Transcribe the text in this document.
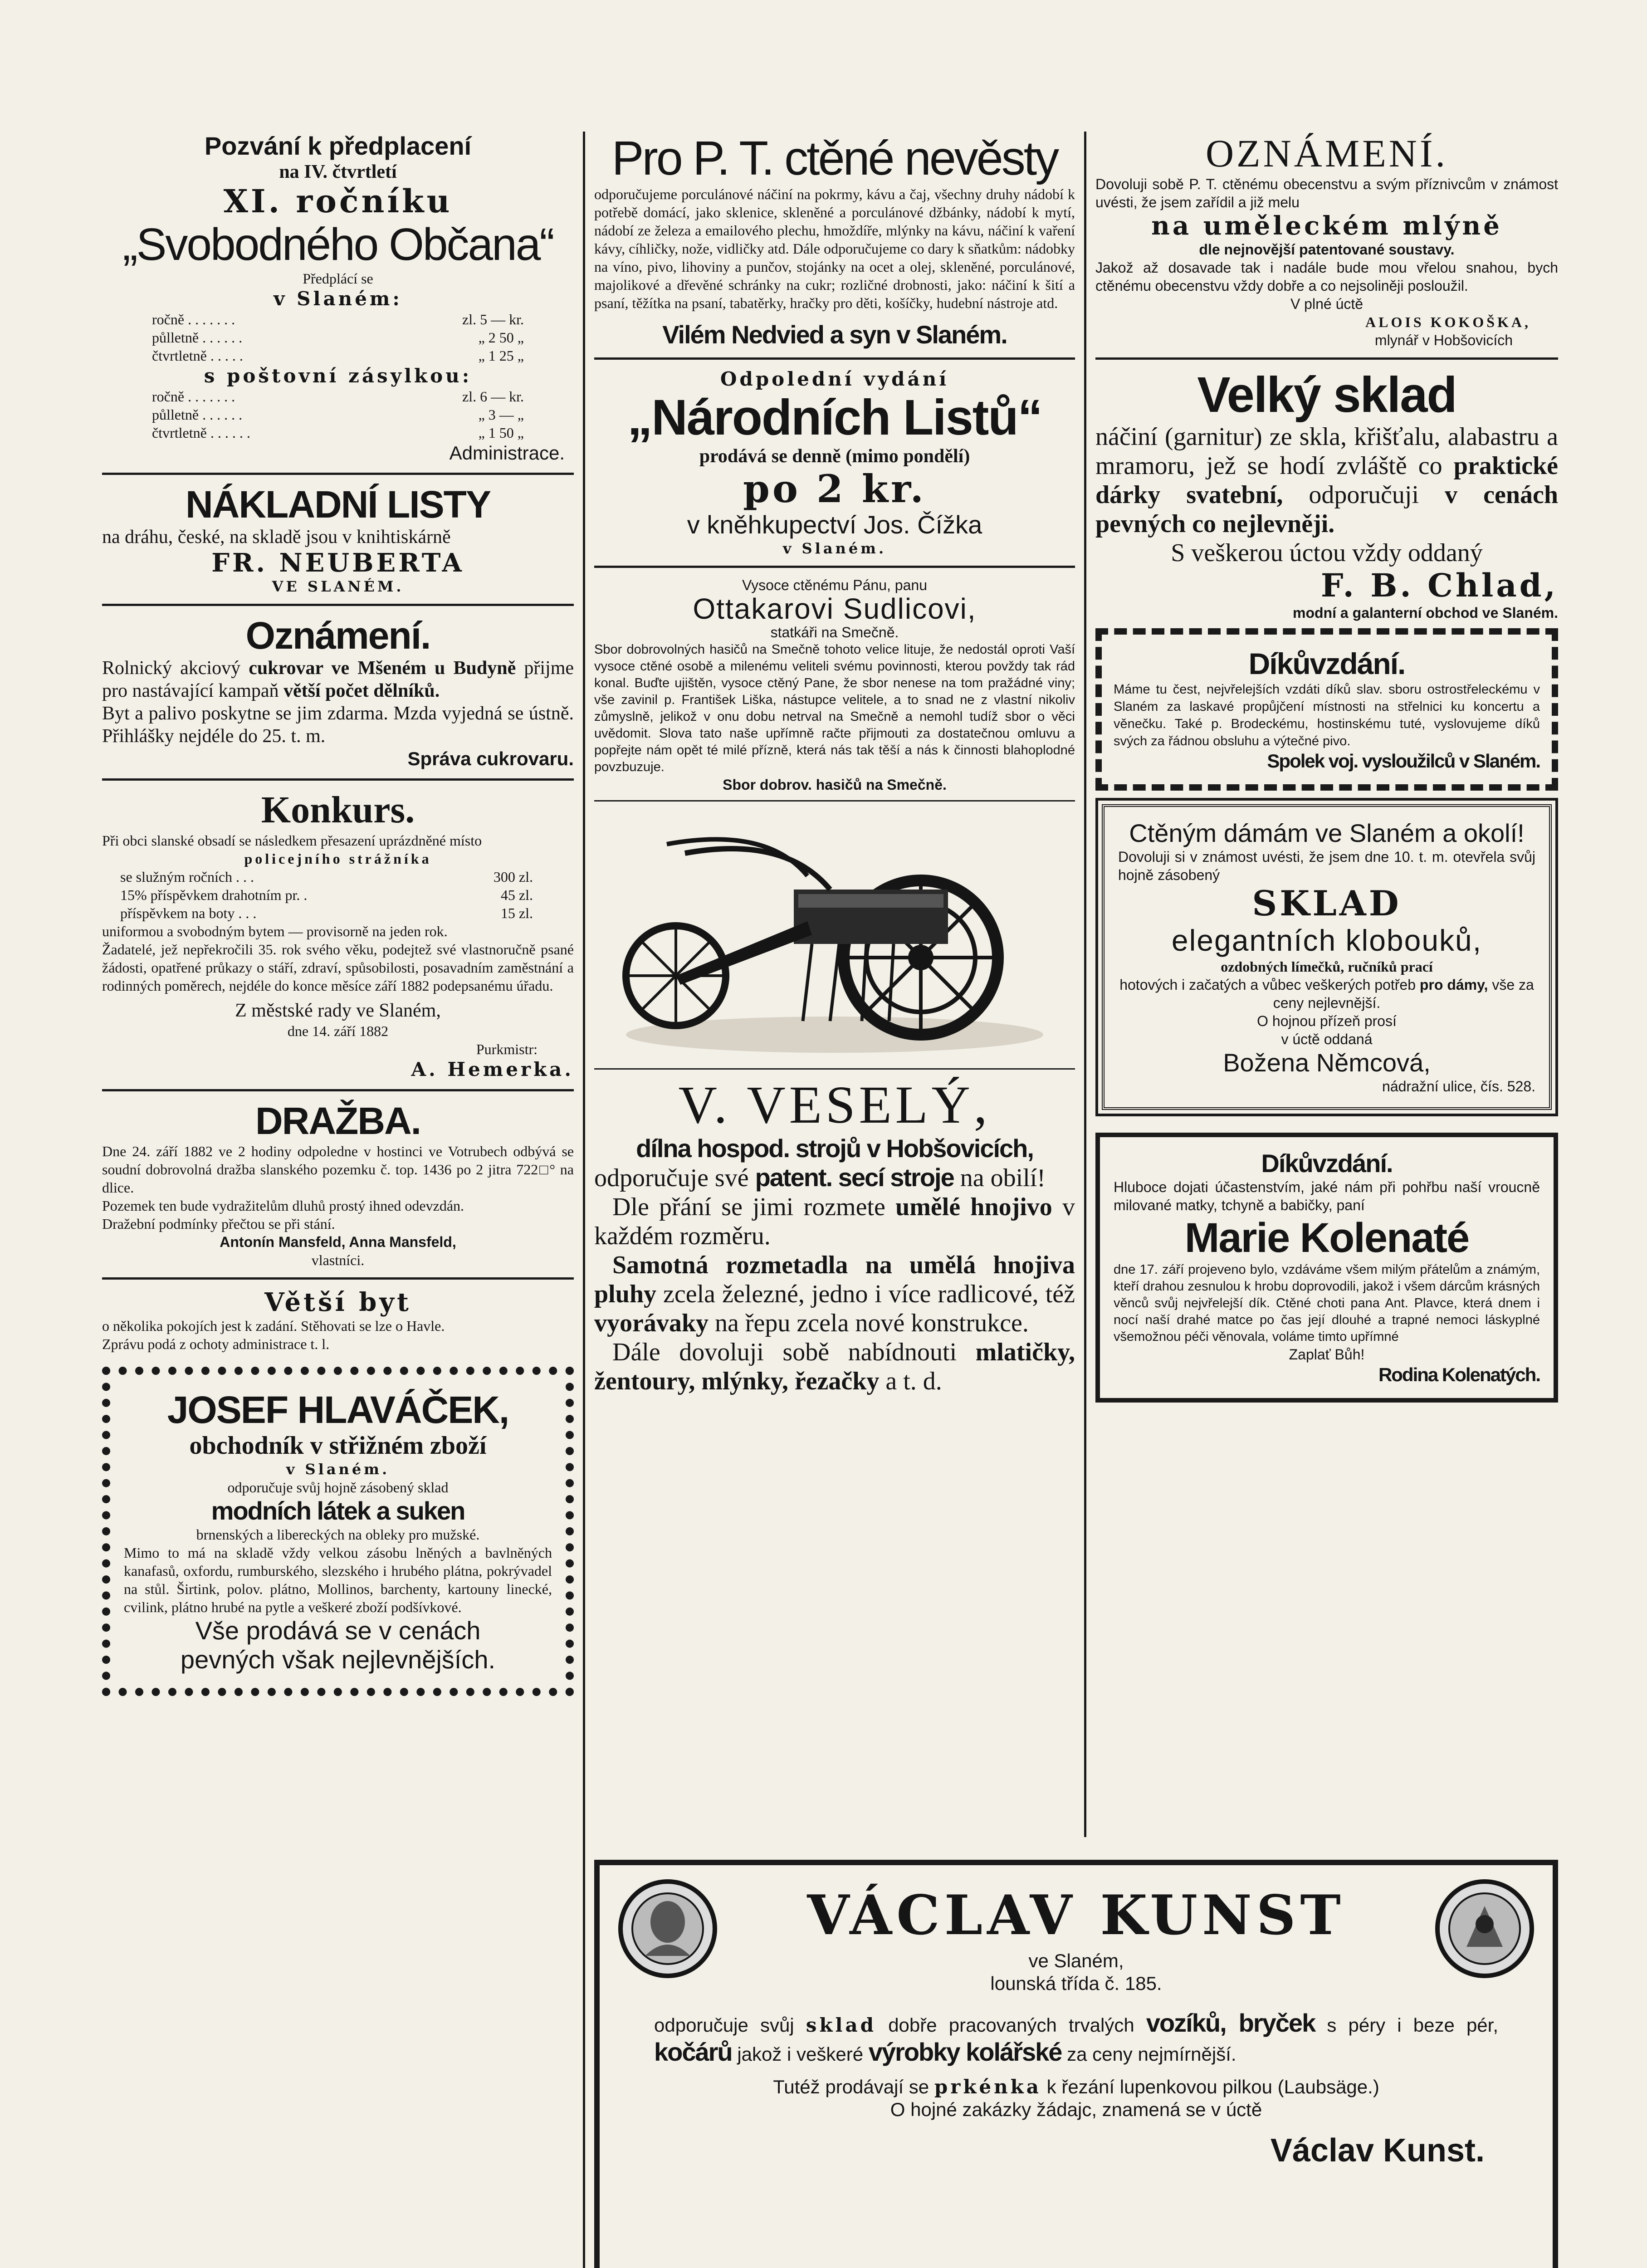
Pozvání k předplacení
na IV. čtvrtletí
XI. ročníku
„Svobodného Občana“
Předplácí se
v Slaném:
ročně . . . . . . .	zl. 5 — kr.
půlletně . . . . . .	„ 2 50 „
čtvrtletně . . . . .	„ 1 25 „
s poštovní zásylkou:
ročně . . . . . . .	zl. 6 — kr.
půlletně . . . . . .	„ 3 — „
čtvrtletně . . . . . .	„ 1 50 „
Administrace.
NÁKLADNÍ LISTY
na dráhu, české, na skladě jsou v knihtiskárně
FR. NEUBERTA
VE SLANÉM.
Oznámení.
Rolnický akciový cukrovar ve Mšeném u Budyně přijme pro nastávající kampaň větší počet dělníků.
Byt a palivo poskytne se jim zdarma. Mzda vyjedná se ústně. Přihlášky nejdéle do 25. t. m.
Správa cukrovaru.
Konkurs.
Při obci slanské obsadí se následkem přesazení uprázdněné místo
policejního strážníka
se služným ročních . . .	300 zl.
15% příspěvkem drahotním pr. .	45 zl.
příspěvkem na boty . . .	15 zl.
uniformou a svobodným bytem — provisorně na jeden rok.
Žadatelé, jež nepřekročili 35. rok svého věku, podejtež své vlastnoručně psané žádosti, opatřené průkazy o stáří, zdraví, spůsobilosti, posavadním zaměstnání a rodinných poměrech, nejdéle do konce měsíce září 1882 podepsanému úřadu.
Z městské rady ve Slaném,
dne 14. září 1882
Purkmistr:
A. Hemerka.
DRAŽBA.
Dne 24. září 1882 ve 2 hodiny odpoledne v hostinci ve Votrubech odbývá se soudní dobrovolná dražba slanského pozemku č. top. 1436 po 2 jitra 722□° na dlice.
Pozemek ten bude vydražitelům dluhů prostý ihned odevzdán.
Dražební podmínky přečtou se při stání.
Antonín Mansfeld, Anna Mansfeld,
vlastníci.
Větší byt
o několika pokojích jest k zadání. Stěhovati se lze o Havle.
Zprávu podá z ochoty administrace t. l.
JOSEF HLAVÁČEK,
obchodník v střižném zboží
v Slaném.
odporučuje svůj hojně zásobený sklad
modních látek a suken
brnenských a libereckých na obleky pro mužské.
Mimo to má na skladě vždy velkou zásobu lněných a bavlněných kanafasů, oxfordu, rumburského, slezského i hrubého plátna, pokrývadel na stůl. Širtink, polov. plátno, Mollinos, barchenty, kartouny linecké, cvilink, plátno hrubé na pytle a veškeré zboží podšívkové.
Vše prodává se v cenách
pevných však nejlevnějších.
Pro P. T. ctěné nevěsty
odporučujeme porculánové náčiní na pokrmy, kávu a čaj, všechny druhy nádobí k potřebě domácí, jako sklenice, skleněné a porculánové džbánky, nádobí k mytí, nádobí ze železa a emailového plechu, hmoždíře, mlýnky na kávu, náčiní k vaření kávy, cíhličky, nože, vidličky atd. Dále odporučujeme co dary k sňatkům: nádobky na víno, pivo, lihoviny a punčov, stojánky na ocet a olej, skleněné, porculánové, majolikové a dřevěné schránky na cukr; rozličné drobnosti, jako: náčiní k šití a psaní, těžítka na psaní, tabatěrky, hračky pro děti, košíčky, hudební nástroje atd.
Vilém Nedvied a syn v Slaném.
Odpolední vydání
„Národních Listů“
prodává se denně (mimo pondělí)
po 2 kr.
v kněhkupectví Jos. Čížka
v Slaném.
Vysoce ctěnému Pánu, panu
Ottakarovi Sudlicovi,
statkáři na Smečně.
Sbor dobrovolných hasičů na Smečně tohoto velice lituje, že nedostál oproti Vaší vysoce ctěné osobě a milenému veliteli svému povinnosti, kterou povždy tak rád konal. Buďte ujištěn, vysoce ctěný Pane, že sbor nenese na tom pražádné viny; vše zavinil p. František Liška, nástupce velitele, a to snad ne z vlastní nikoliv zůmyslně, jelikož v onu dobu netrval na Smečně a nemohl tudíž sbor o věci uvědomit. Slova tato naše upřímně račte přijmouti za dostatečnou omluvu a popřejte nám opět té milé přízně, která nás tak těší a nás k činnosti blahoplodné povzbuzuje.
Sbor dobrov. hasičů na Smečně.
V. VESELÝ,
dílna hospod. strojů v Hobšovicích,
odporučuje své patent. secí stroje na obilí!
Dle přání se jimi rozmete umělé hnojivo v každém rozměru.
Samotná rozmetadla na umělá hnojiva pluhy zcela železné, jedno i více radlicové, též vyorávaky na řepu zcela nové konstrukce.
Dále dovoluji sobě nabídnouti mlatičky, žentoury, mlýnky, řezačky a t. d.
OZNÁMENÍ.
Dovoluji sobě P. T. ctěnému obecenstvu a svým příznivcům v známost uvésti, že jsem zařídil a již melu
na uměleckém mlýně
dle nejnovější patentované soustavy.
Jakož až dosavade tak i nadále bude mou vřelou snahou, bych ctěnému obecenstvu vždy dobře a co nejsoliněji posloužil.
V plné úctě
ALOIS KOKOŠKA,
mlynář v Hobšovicích
Velký sklad
náčiní (garnitur) ze skla, křišťalu, alabastru a mramoru, jež se hodí zvláště co praktické dárky svatební, odporučuji v cenách pevných co nejlevněji.
S veškerou úctou vždy oddaný
F. B. Chlad,
modní a galanterní obchod ve Slaném.
Díkůvzdání.
Máme tu čest, nejvřelejších vzdáti díků slav. sboru ostrostřeleckému v Slaném za laskavé propůjčení místnosti na střelnici ku koncertu a věnečku. Také p. Brodeckému, hostinskému tuté, vyslovujeme díků svých za řádnou obsluhu a výtečné pivo.
Spolek voj. vysloužilců v Slaném.
Ctěným dámám ve Slaném a okolí!
Dovoluji si v známost uvésti, že jsem dne 10. t. m. otevřela svůj hojně zásobený
SKLAD
elegantních klobouků,
ozdobných límečků, ručníků prací
hotových i začatých a vůbec veškerých potřeb pro dámy, vše za ceny nejlevnější.
O hojnou přízeň prosí
v úctě oddaná
Božena Němcová,
nádražní ulice, čís. 528.
Díkůvzdání.
Hluboce dojati účastenstvím, jaké nám při pohřbu naší vroucně milované matky, tchyně a babičky, paní
Marie Kolenaté
dne 17. září projeveno bylo, vzdáváme všem milým přátelům a známým, kteří drahou zesnulou k hrobu doprovodili, jakož i všem dárcům krásných věnců svůj nejvřelejší dík. Ctěné choti pana Ant. Plavce, která dnem i nocí naší drahé matce po čas její dlouhé a trapné nemoci láskyplné všemožnou péči věnovala, voláme timto upřímné
Zaplať Bůh!
Rodina Kolenatých.
VÁCLAV KUNST
ve Slaném,
lounská třída č. 185.
odporučuje svůj sklad dobře pracovaných trvalých vozíků, bryček s péry i beze pér, kočárů jakož i veškeré výrobky kolářské za ceny nejmírnější.
Tutéž prodávají se prkénka k řezání lupenkovou pilkou (Laubsäge.)
O hojné zakázky žádajc, znamená se v úctě
Václav Kunst.
